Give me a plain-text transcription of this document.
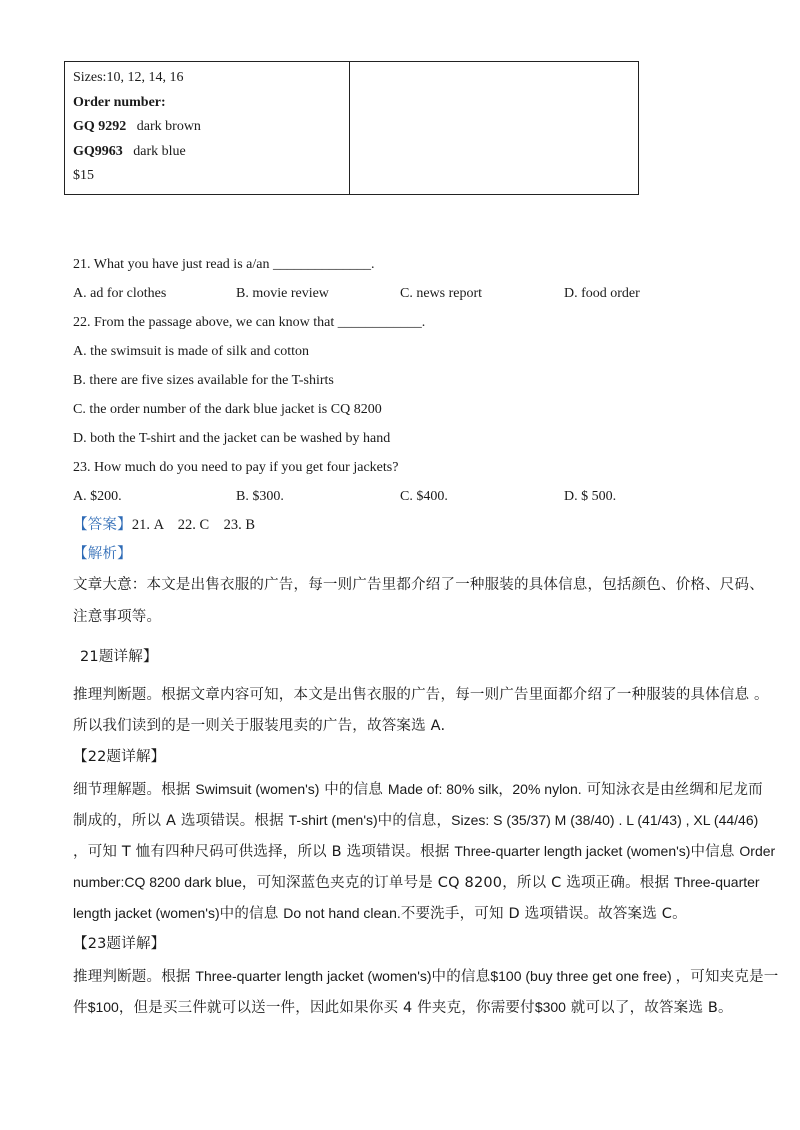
Sizes:10, 12, 14, 16
Order number:
GQ 9292 dark brown
GQ9963 dark blue
$15

21. What you have just read is a/an ______________.
A. ad for clothes	B. movie review	C. news report	D. food order
22. From the passage above, we can know that ____________.
A. the swimsuit is made of silk and cotton
B. there are five sizes available for the T-shirts
C. the order number of the dark blue jacket is CQ 8200
D. both the T-shirt and the jacket can be washed by hand
23. How much do you need to pay if you get four jackets?
A. $200.	B. $300.	C. $400.	D. $ 500.
【答案】21. A    22. C    23. B
【解析】
文章大意：本文是出售衣服的广告，每一则广告里都介绍了一种服装的具体信息，包括颜色、价格、尺码、
注意事项等。
21题详解】
推理判断题。根据文章内容可知，本文是出售衣服的广告，每一则广告里面都介绍了一种服装的具体信息 。
所以我们读到的是一则关于服装甩卖的广告，故答案选 A.
【22题详解】
细节理解题。根据 Swimsuit (women's) 中的信息 Made of: 80% silk，20% nylon. 可知泳衣是由丝绸和尼龙而
制成的，所以 A 选项错误。根据 T-shirt (men's)中的信息，Sizes: S (35/37) M (38/40) . L (41/43) , XL (44/46)
，可知 T 恤有四种尺码可供选择，所以 B 选项错误。根据 Three-quarter length jacket (women's)中信息 Order
number:CQ 8200 dark blue，可知深蓝色夹克的订单号是 CQ 8200，所以 C 选项正确。根据 Three-quarter
length jacket (women's)中的信息 Do not hand clean.不要洗手，可知 D 选项错误。故答案选 C。
【23题详解】
推理判断题。根据 Three-quarter length jacket (women's)中的信息$100 (buy three get one free) ，可知夹克是一
件$100，但是买三件就可以送一件，因此如果你买 4 件夹克，你需要付$300 就可以了，故答案选 B。
